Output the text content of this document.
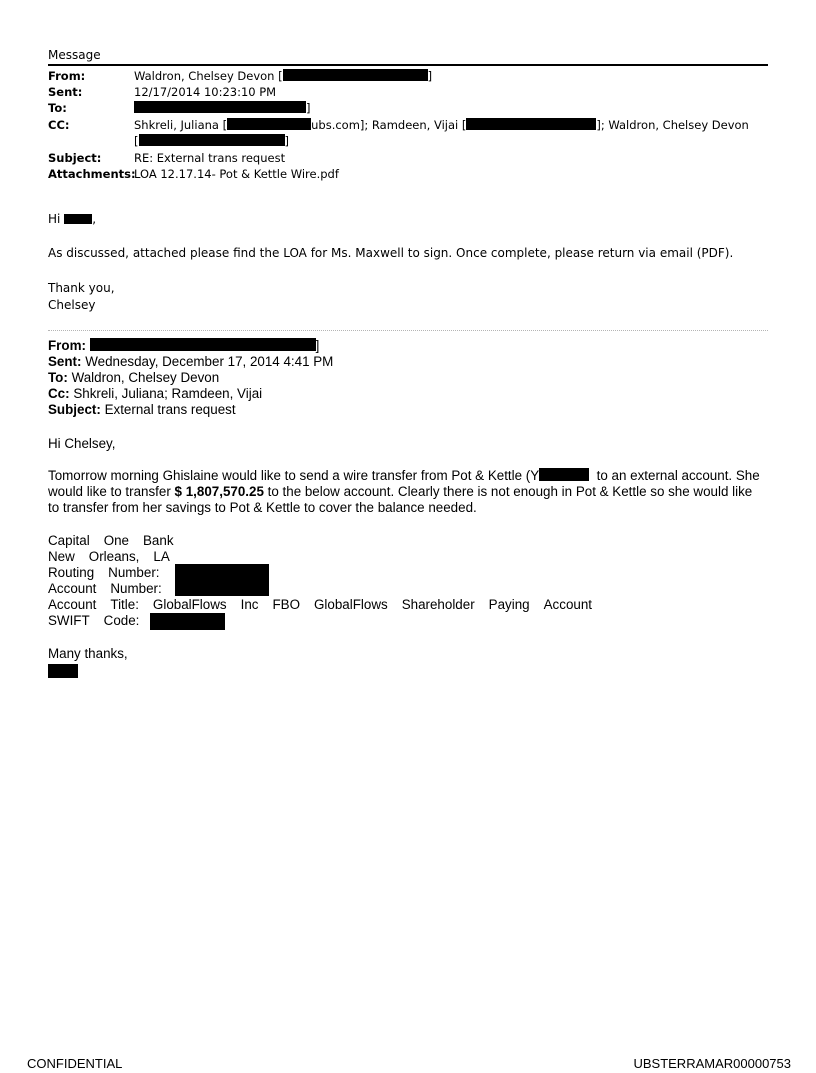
Message
From:	Waldron, Chelsey Devon [	]
Sent:	12/17/2014 10:23:10 PM
To:	]
CC:	Shkreli, Juliana [	ubs.com]; Ramdeen, Vijai [	]; Waldron, Chelsey Devon
[	]
Subject:	RE: External trans request
Attachments:LOA 12.17.14- Pot & Kettle Wire.pdf
Hi	,
As discussed, attached please find the LOA for Ms. Maxwell to sign. Once complete, please return via email (PDF).
Thank you,
Chelsey
From:	]
Sent: Wednesday, December 17, 2014 4:41 PM
To: Waldron, Chelsey Devon
Cc: Shkreli, Juliana; Ramdeen, Vijai
Subject: External trans request
Hi Chelsey,
Tomorrow morning Ghislaine would like to send a wire transfer from Pot & Kettle (Y	to an external account. She
would like to transfer $ 1,807,570.25 to the below account. Clearly there is not enough in Pot & Kettle so she would like
to transfer from her savings to Pot & Kettle to cover the balance needed.
Capital One Bank
New Orleans, LA
Routing Number:
Account Number:
Account Title: GlobalFlows Inc FBO GlobalFlows Shareholder Paying Account
SWIFT Code:
Many thanks,
CONFIDENTIAL	UBSTERRAMAR00000753
